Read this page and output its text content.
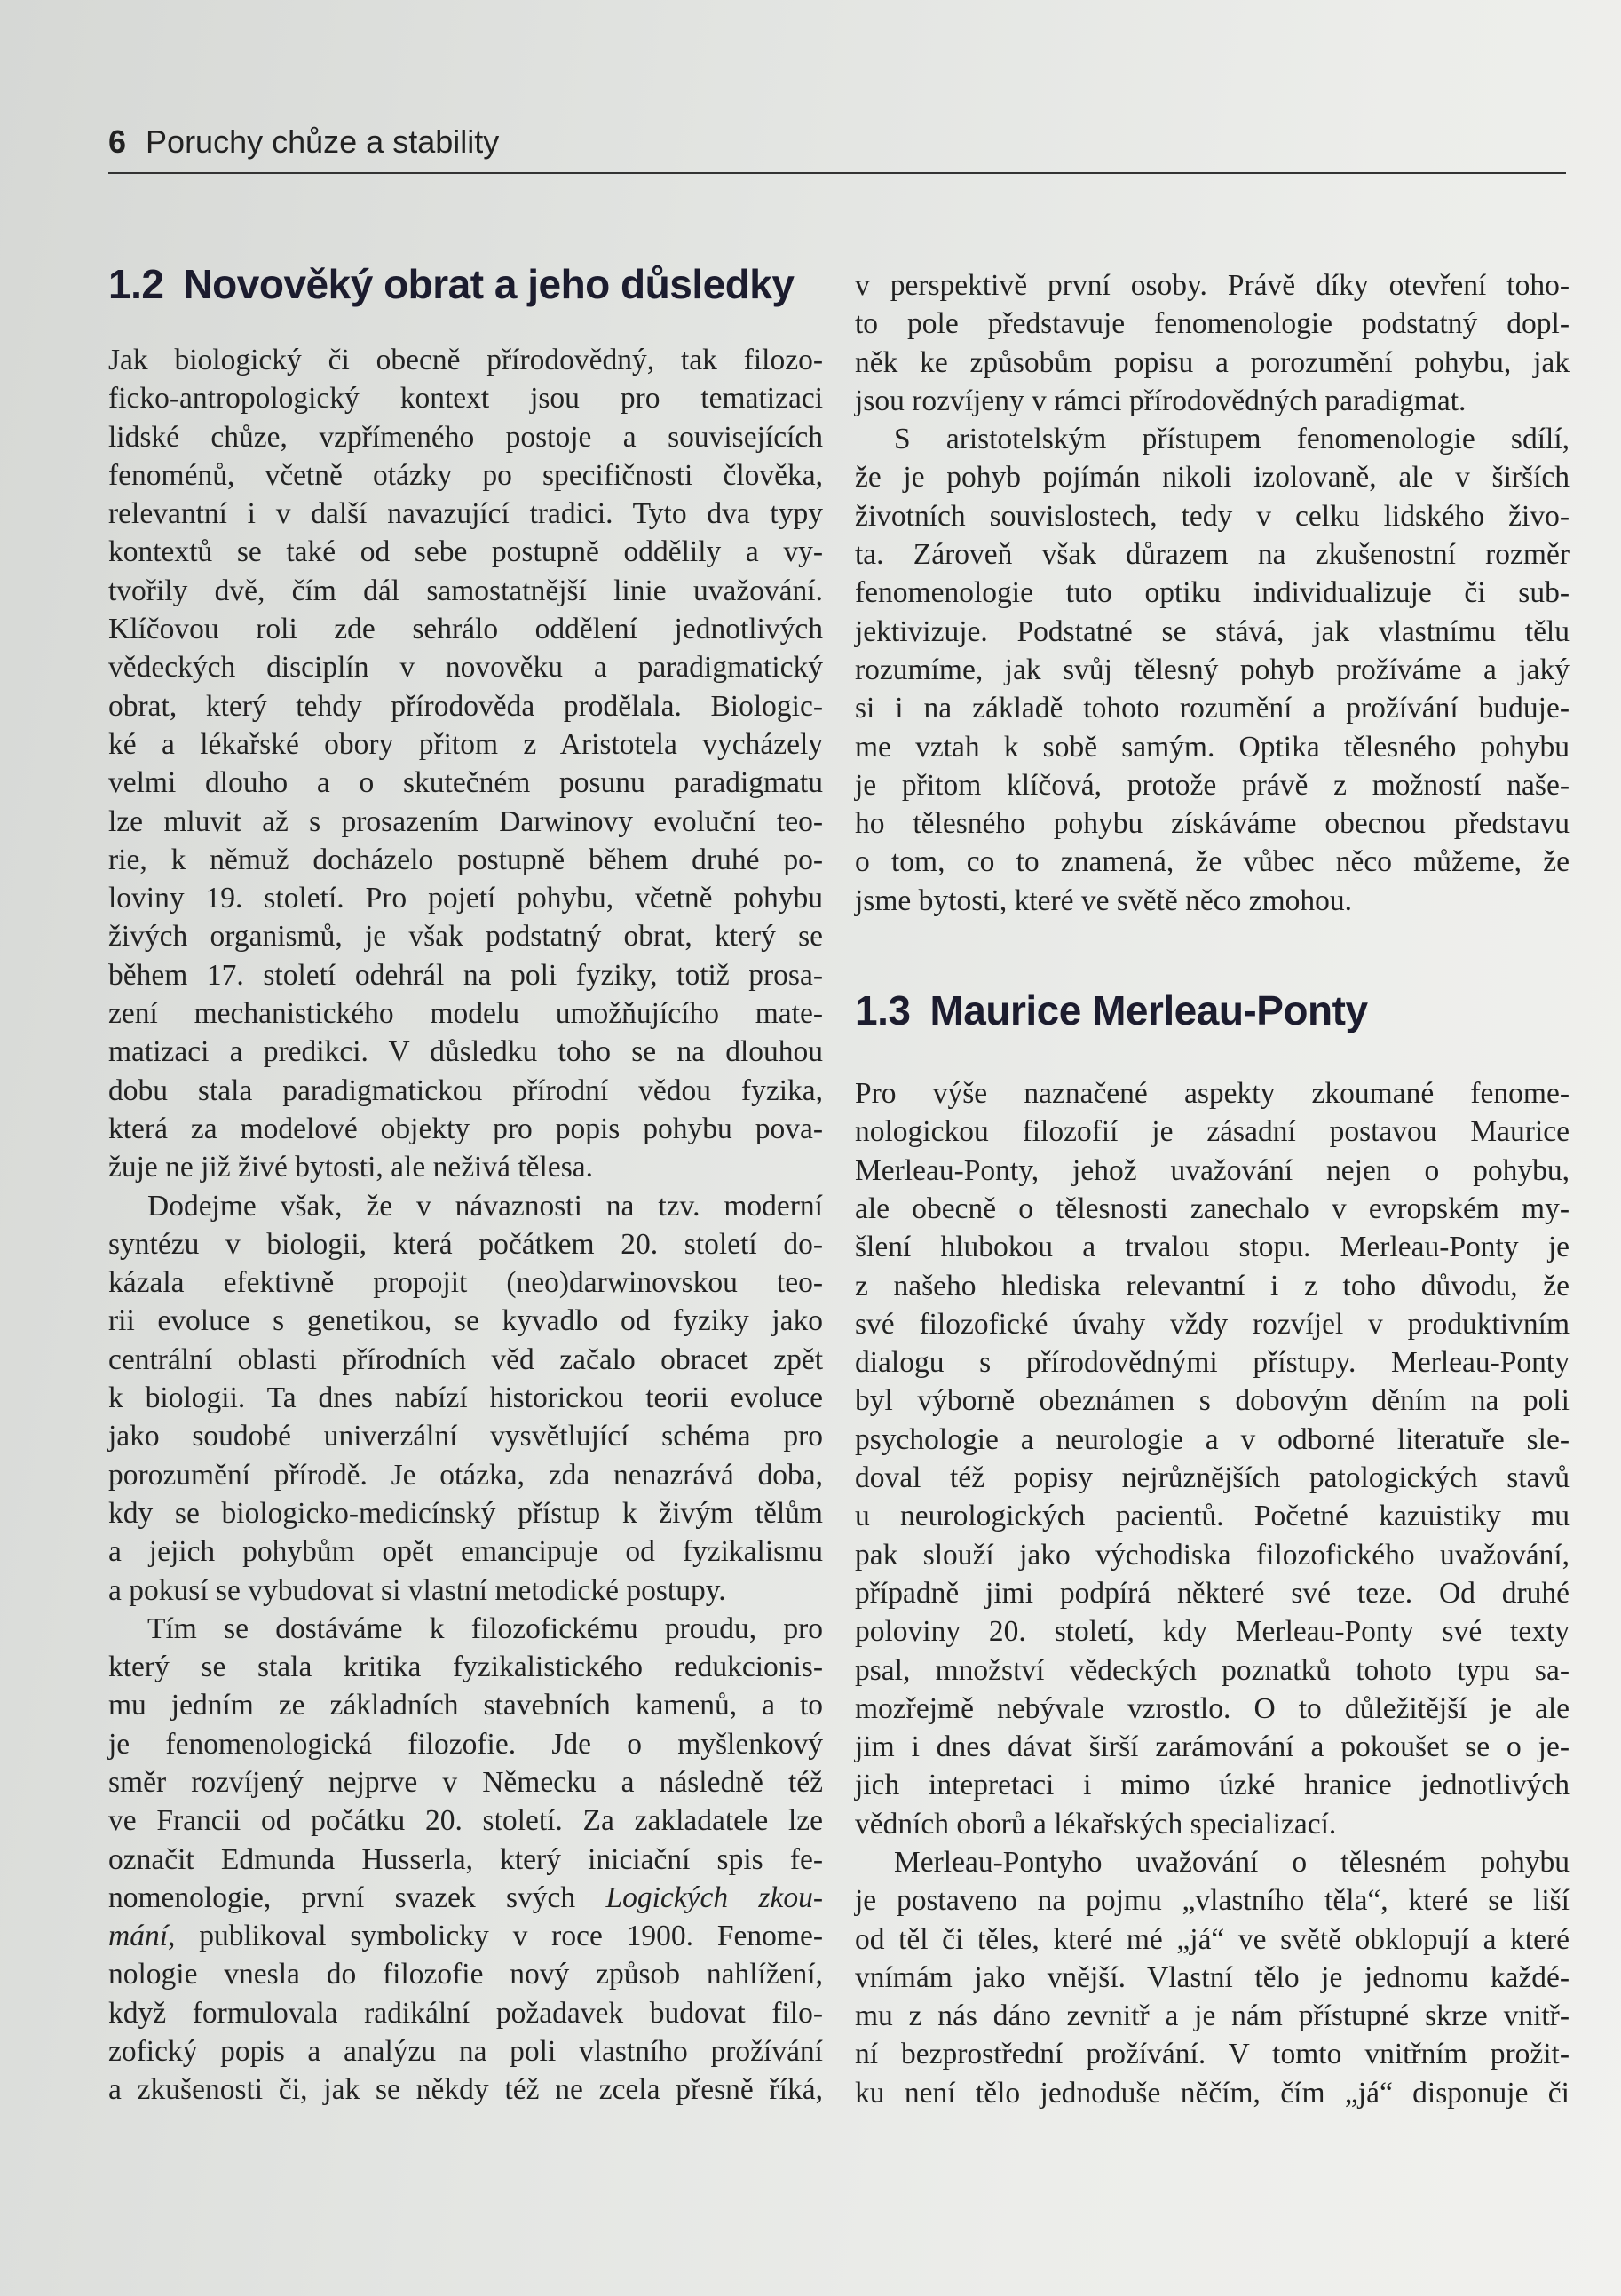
6 Poruchy chůze a stability
1.2 Novověký obrat a jeho důsledky
Jak biologický či obecně přírodovědný, tak filozo-
ficko-antropologický kontext jsou pro tematizaci
lidské chůze, vzpřímeného postoje a souvisejících
fenoménů, včetně otázky po specifičnosti člověka,
relevantní i v další navazující tradici. Tyto dva typy
kontextů se také od sebe postupně oddělily a vy-
tvořily dvě, čím dál samostatnější linie uvažování.
Klíčovou roli zde sehrálo oddělení jednotlivých
vědeckých disciplín v novověku a paradigmatický
obrat, který tehdy přírodověda prodělala. Biologic-
ké a lékařské obory přitom z Aristotela vycházely
velmi dlouho a o skutečném posunu paradigmatu
lze mluvit až s prosazením Darwinovy evoluční teo-
rie, k němuž docházelo postupně během druhé po-
loviny 19. století. Pro pojetí pohybu, včetně pohybu
živých organismů, je však podstatný obrat, který se
během 17. století odehrál na poli fyziky, totiž prosa-
zení mechanistického modelu umožňujícího mate-
matizaci a predikci. V důsledku toho se na dlouhou
dobu stala paradigmatickou přírodní vědou fyzika,
která za modelové objekty pro popis pohybu pova-
žuje ne již živé bytosti, ale neživá tělesa.
Dodejme však, že v návaznosti na tzv. moderní
syntézu v biologii, která počátkem 20. století do-
kázala efektivně propojit (neo)darwinovskou teo-
rii evoluce s genetikou, se kyvadlo od fyziky jako
centrální oblasti přírodních věd začalo obracet zpět
k biologii. Ta dnes nabízí historickou teorii evoluce
jako soudobé univerzální vysvětlující schéma pro
porozumění přírodě. Je otázka, zda nenazrává doba,
kdy se biologicko-medicínský přístup k živým tělům
a jejich pohybům opět emancipuje od fyzikalismu
a pokusí se vybudovat si vlastní metodické postupy.
Tím se dostáváme k filozofickému proudu, pro
který se stala kritika fyzikalistického redukcionis-
mu jedním ze základních stavebních kamenů, a to
je fenomenologická filozofie. Jde o myšlenkový
směr rozvíjený nejprve v Německu a následně též
ve Francii od počátku 20. století. Za zakladatele lze
označit Edmunda Husserla, který iniciační spis fe-
nomenologie, první svazek svých Logických zkou-
mání, publikoval symbolicky v roce 1900. Fenome-
nologie vnesla do filozofie nový způsob nahlížení,
když formulovala radikální požadavek budovat filo-
zofický popis a analýzu na poli vlastního prožívání
a zkušenosti či, jak se někdy též ne zcela přesně říká,
v perspektivě první osoby. Právě díky otevření toho-
to pole představuje fenomenologie podstatný dopl-
něk ke způsobům popisu a porozumění pohybu, jak
jsou rozvíjeny v rámci přírodovědných paradigmat.
S aristotelským přístupem fenomenologie sdílí,
že je pohyb pojímán nikoli izolovaně, ale v širších
životních souvislostech, tedy v celku lidského živo-
ta. Zároveň však důrazem na zkušenostní rozměr
fenomenologie tuto optiku individualizuje či sub-
jektivizuje. Podstatné se stává, jak vlastnímu tělu
rozumíme, jak svůj tělesný pohyb prožíváme a jaký
si i na základě tohoto rozumění a prožívání buduje-
me vztah k sobě samým. Optika tělesného pohybu
je přitom klíčová, protože právě z možností naše-
ho tělesného pohybu získáváme obecnou představu
o tom, co to znamená, že vůbec něco můžeme, že
jsme bytosti, které ve světě něco zmohou.
1.3 Maurice Merleau-Ponty
Pro výše naznačené aspekty zkoumané fenome-
nologickou filozofií je zásadní postavou Maurice
Merleau-Ponty, jehož uvažování nejen o pohybu,
ale obecně o tělesnosti zanechalo v evropském my-
šlení hlubokou a trvalou stopu. Merleau-Ponty je
z našeho hlediska relevantní i z toho důvodu, že
své filozofické úvahy vždy rozvíjel v produktivním
dialogu s přírodovědnými přístupy. Merleau-Ponty
byl výborně obeznámen s dobovým děním na poli
psychologie a neurologie a v odborné literatuře sle-
doval též popisy nejrůznějších patologických stavů
u neurologických pacientů. Početné kazuistiky mu
pak slouží jako východiska filozofického uvažování,
případně jimi podpírá některé své teze. Od druhé
poloviny 20. století, kdy Merleau-Ponty své texty
psal, množství vědeckých poznatků tohoto typu sa-
mozřejmě nebývale vzrostlo. O to důležitější je ale
jim i dnes dávat širší zarámování a pokoušet se o je-
jich intepretaci i mimo úzké hranice jednotlivých
vědních oborů a lékařských specializací.
Merleau-Pontyho uvažování o tělesném pohybu
je postaveno na pojmu „vlastního těla“, které se liší
od těl či těles, které mé „já“ ve světě obklopují a které
vnímám jako vnější. Vlastní tělo je jednomu každé-
mu z nás dáno zevnitř a je nám přístupné skrze vnitř-
ní bezprostřední prožívání. V tomto vnitřním prožit-
ku není tělo jednoduše něčím, čím „já“ disponuje či
